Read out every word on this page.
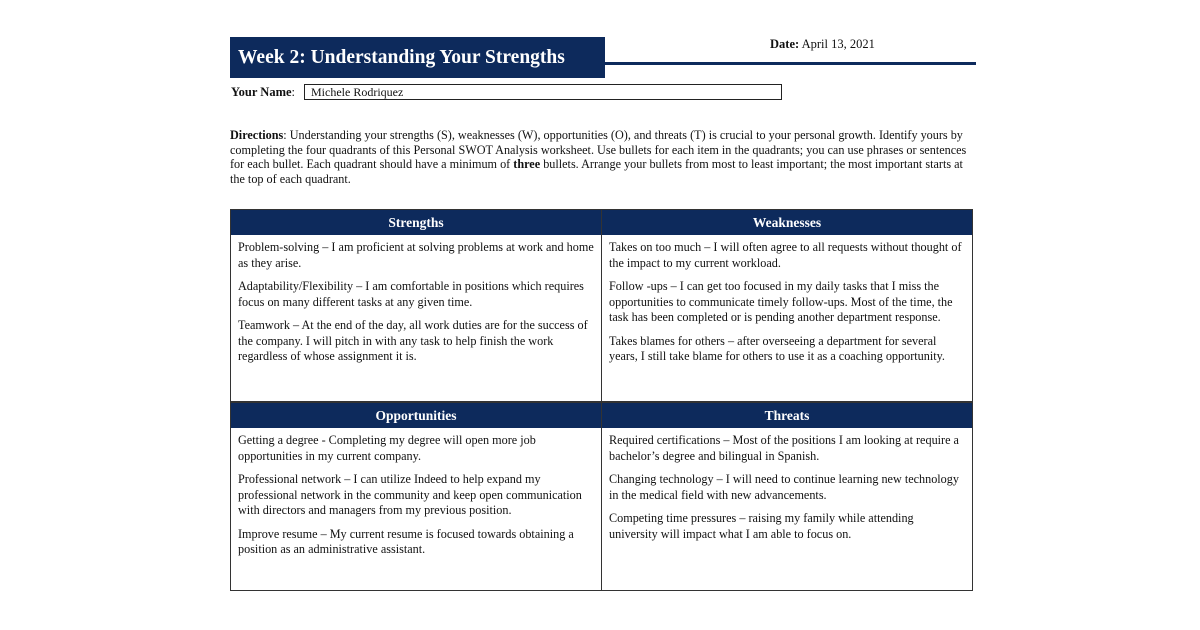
Week 2: Understanding Your Strengths
Date: April 13, 2021
Your Name:	Michele Rodriquez

Directions: Understanding your strengths (S), weaknesses (W), opportunities (O), and threats (T) is crucial to your personal growth. Identify yours by completing the four quadrants of this Personal SWOT Analysis worksheet. Use bullets for each item in the quadrants; you can use phrases or sentences for each bullet. Each quadrant should have a minimum of three bullets. Arrange your bullets from most to least important; the most important starts at the top of each quadrant.

Strengths

Problem-solving – I am proficient at solving problems at work and home as they arise.

Adaptability/Flexibility – I am comfortable in positions which requires focus on many different tasks at any given time.

Teamwork – At the end of the day, all work duties are for the success of the company. I will pitch in with any task to help finish the work regardless of whose assignment it is.

Weaknesses

Takes on too much – I will often agree to all requests without thought of the impact to my current workload.

Follow -ups – I can get too focused in my daily tasks that I miss the opportunities to communicate timely follow-ups. Most of the time, the task has been completed or is pending another department response.

Takes blames for others – after overseeing a department for several years, I still take blame for others to use it as a coaching opportunity.

Opportunities

Getting a degree - Completing my degree will open more job opportunities in my current company.

Professional network – I can utilize Indeed to help expand my professional network in the community and keep open communication with directors and managers from my previous position.

Improve resume – My current resume is focused towards obtaining a position as an administrative assistant.

Threats

Required certifications – Most of the positions I am looking at require a bachelor’s degree and bilingual in Spanish.

Changing technology – I will need to continue learning new technology in the medical field with new advancements.

Competing time pressures – raising my family while attending university will impact what I am able to focus on.
